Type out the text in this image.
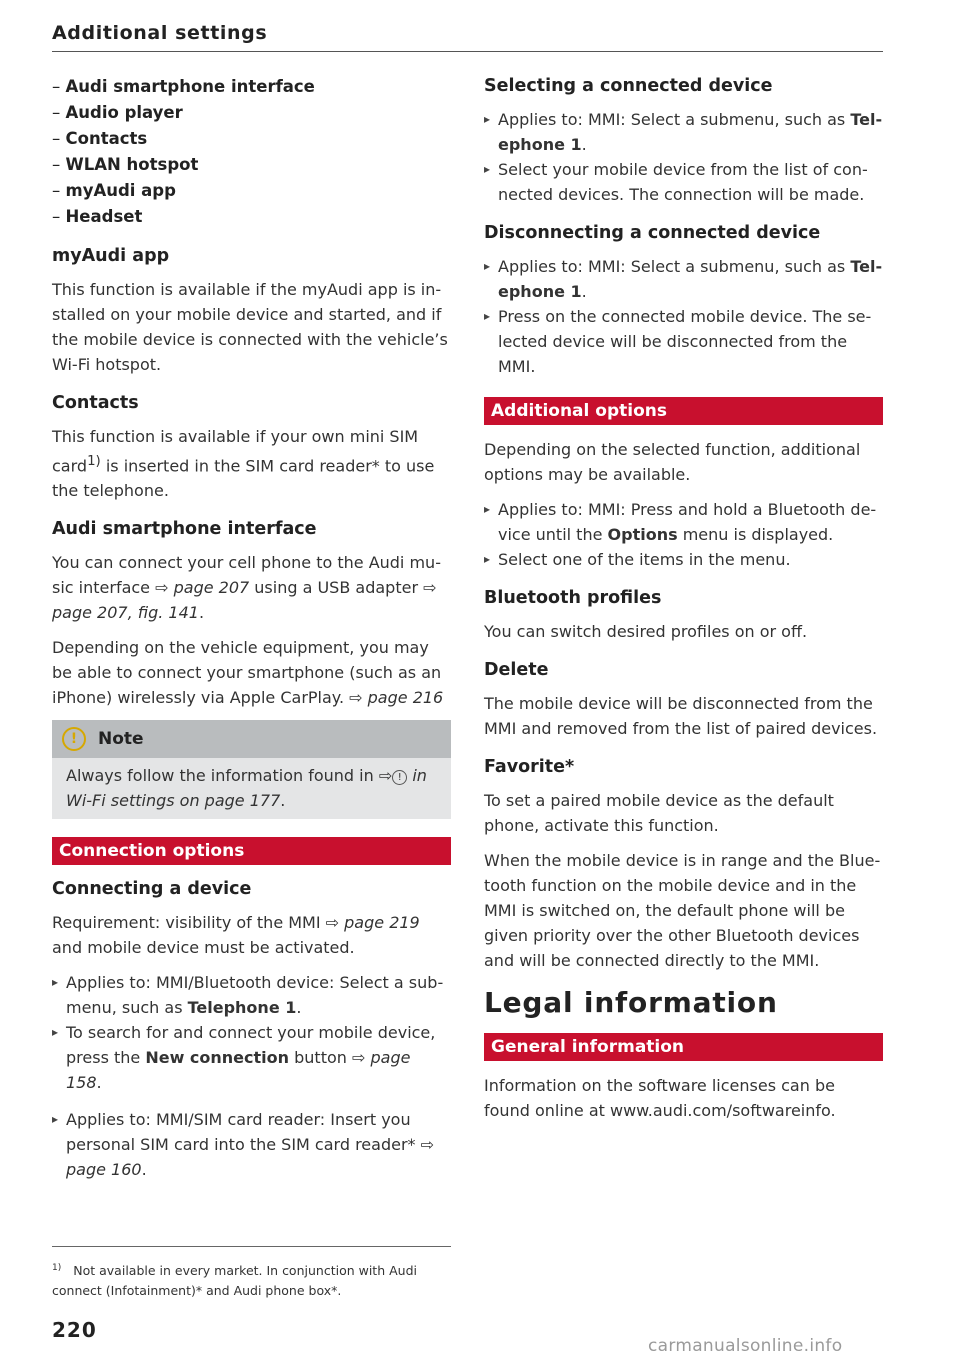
Additional settings
– Audi smartphone interface
– Audio player
– Contacts
– WLAN hotspot
– myAudi app
– Headset
myAudi app

This function is available if the myAudi app is installed on your mobile device and started, and if the mobile device is connected with the vehicle’s Wi-Fi hotspot.

Contacts

This function is available if your own mini SIM card$^{1)}$ is inserted in the SIM card reader* to use the telephone.

Audi smartphone interface

You can connect your cell phone to the Audi music interface ⇨ page 207 using a USB adapter ⇨ page 207, fig. 141.

Depending on the vehicle equipment, you may be able to connect your smartphone (such as an iPhone) wirelessly via Apple CarPlay. ⇨ page 216

!	Note
Always follow the information found in ⇨ ! in Wi-Fi settings on page 177.
Connection options
Connecting a device

Requirement: visibility of the MMI ⇨ page 219 and mobile device must be activated.

▸ Applies to: MMI/Bluetooth device: Select a submenu, such as Telephone 1.
▸ To search for and connect your mobile device, press the New connection button ⇨ page 158.
▸ Applies to: MMI/SIM card reader: Insert you personal SIM card into the SIM card reader* ⇨ page 160.
Selecting a connected device
▸ Applies to: MMI: Select a submenu, such as Telephone 1.
▸ Select your mobile device from the list of connected devices. The connection will be made.
Disconnecting a connected device
▸ Applies to: MMI: Select a submenu, such as Telephone 1.
▸ Press on the connected mobile device. The selected device will be disconnected from the MMI.
Additional options

Depending on the selected function, additional options may be available.

▸ Applies to: MMI: Press and hold a Bluetooth device until the Options menu is displayed.
▸ Select one of the items in the menu.
Bluetooth profiles

You can switch desired profiles on or off.

Delete

The mobile device will be disconnected from the MMI and removed from the list of paired devices.

Favorite*

To set a paired mobile device as the default phone, activate this function.

When the mobile device is in range and the Bluetooth function on the mobile device and in the MMI is switched on, the default phone will be given priority over the other Bluetooth devices and will be connected directly to the MMI.

Legal information
General information

Information on the software licenses can be found online at www.audi.com/softwareinfo.

$^{1)}$ Not available in every market. In conjunction with Audi connect (Infotainment)* and Audi phone box*.
220
carmanualsonline.info
